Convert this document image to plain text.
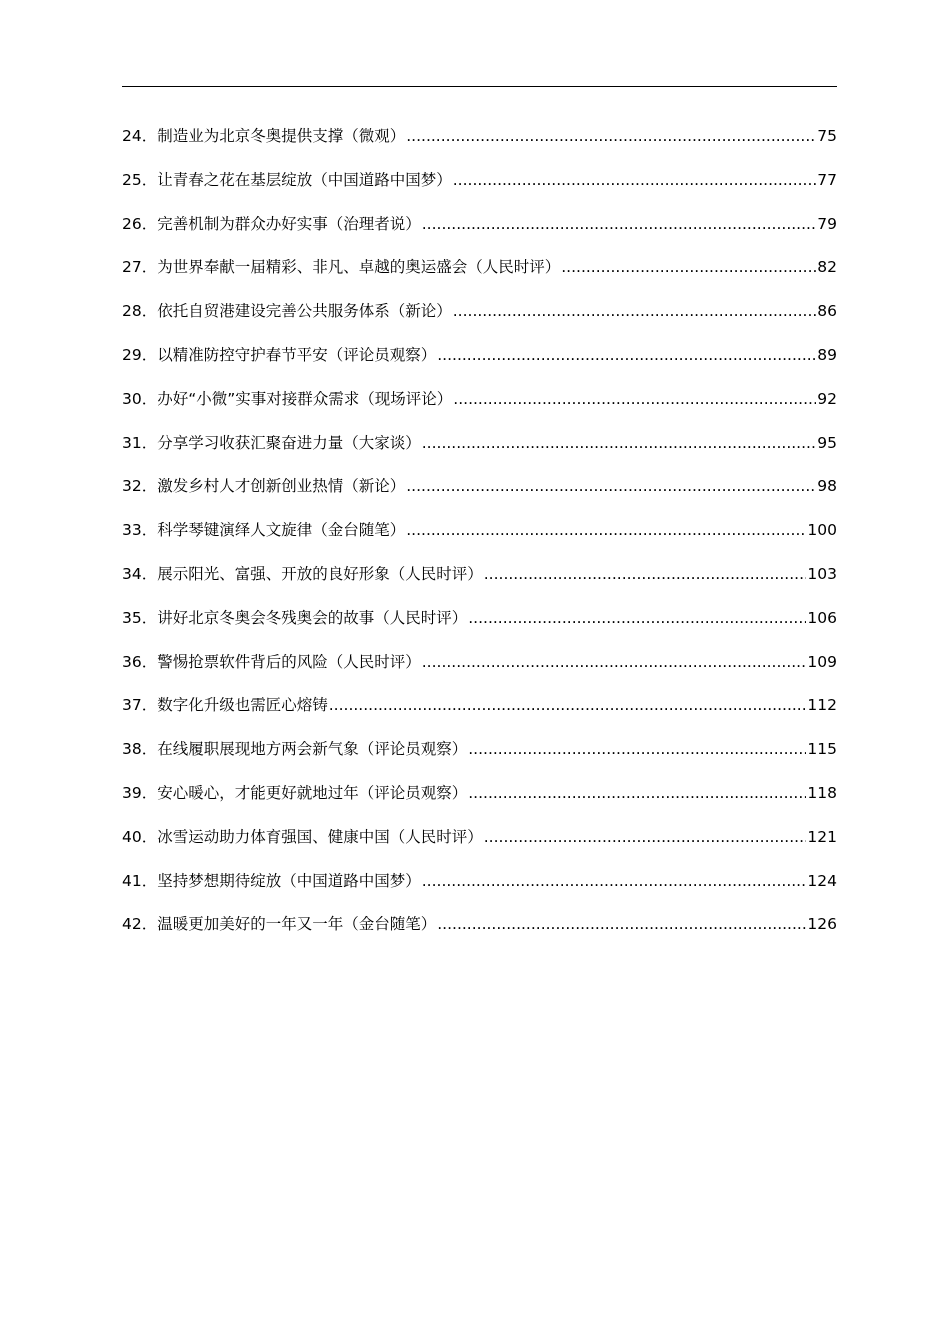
24．制造业为北京冬奥提供支撑（微观） .....	75
25．让青春之花在基层绽放（中国道路中国梦） .....	77
26．完善机制为群众办好实事（治理者说） .....	79
27．为世界奉献一届精彩、非凡、卓越的奥运盛会（人民时评） .....	82
28．依托自贸港建设完善公共服务体系（新论） .....	86
29．以精准防控守护春节平安（评论员观察） .....	89
30．办好“小微”实事对接群众需求（现场评论） .....	92
31．分享学习收获汇聚奋进力量（大家谈） .....	95
32．激发乡村人才创新创业热情（新论） .....	98
33．科学琴键演绎人文旋律（金台随笔） .....	100
34．展示阳光、富强、开放的良好形象（人民时评） .....	103
35．讲好北京冬奥会冬残奥会的故事（人民时评） .....	106
36．警惕抢票软件背后的风险（人民时评） .....	109
37．数字化升级也需匠心熔铸 .....	112
38．在线履职展现地方两会新气象（评论员观察） .....	115
39．安心暖心，才能更好就地过年（评论员观察） .....	118
40．冰雪运动助力体育强国、健康中国（人民时评） .....	121
41．坚持梦想期待绽放（中国道路中国梦） .....	124
42．温暖更加美好的一年又一年（金台随笔） .....	126
